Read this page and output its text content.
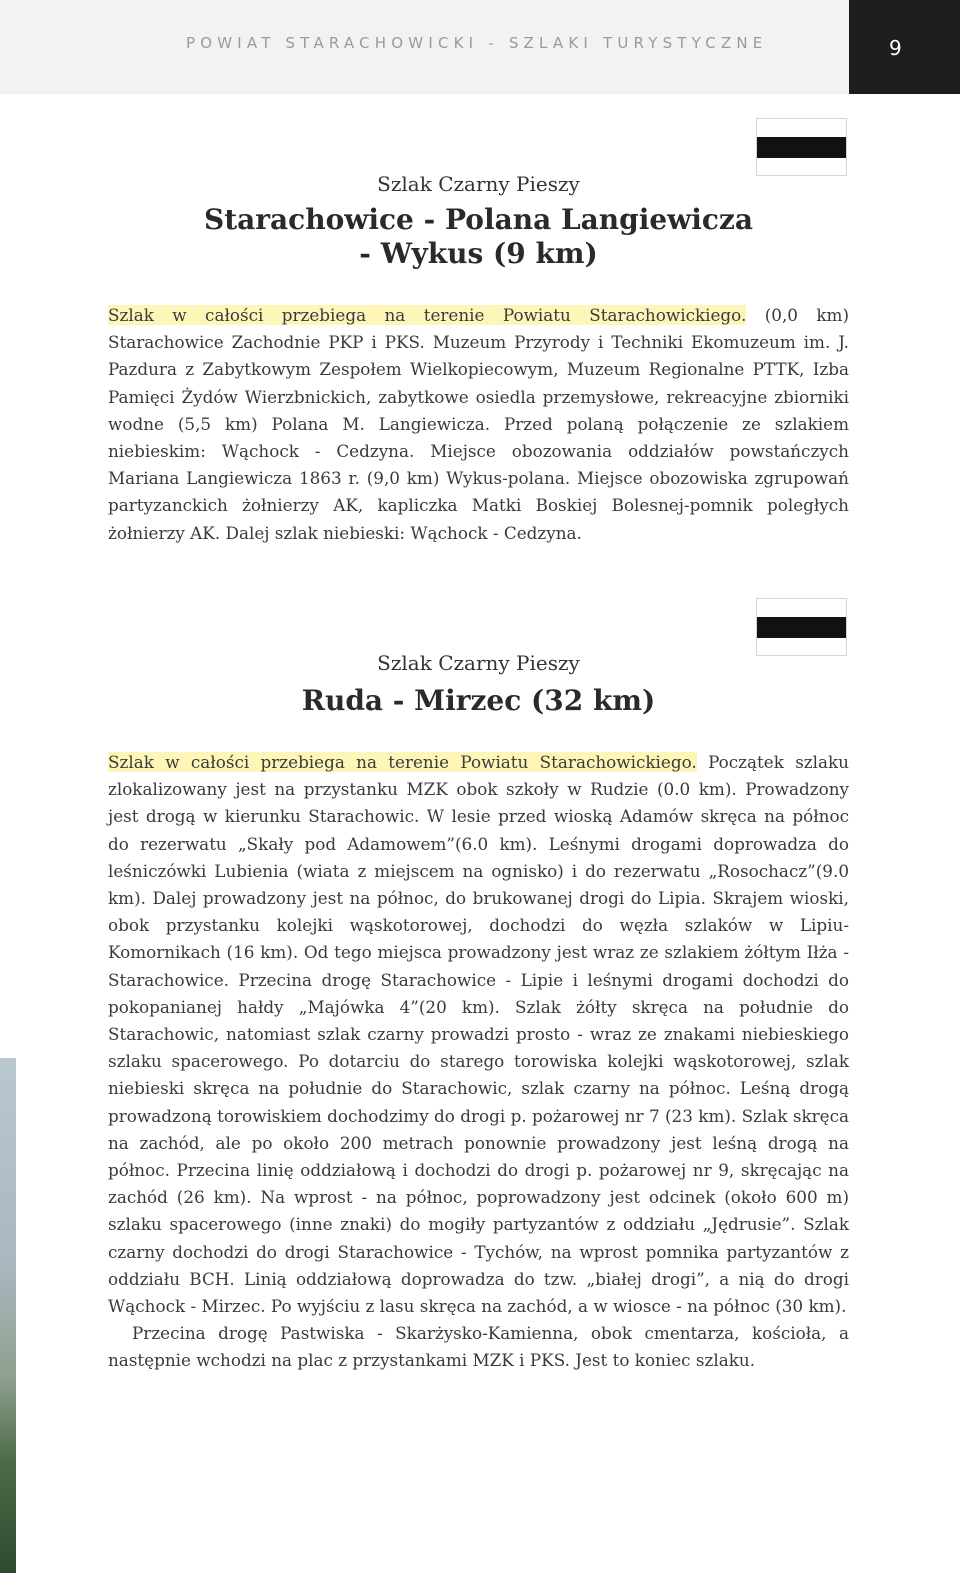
POWIAT STARACHOWICKI - SZLAKI TURYSTYCZNE	9
Szlak Czarny Pieszy
Starachowice - Polana Langiewicza
- Wykus (9 km)
Szlak w całości przebiega na terenie Powiatu Starachowickiego. (0,0 km) Starachowice Zachodnie PKP i PKS. Muzeum Przyrody i Techniki Ekomuzeum im. J. Pazdura z Zabytkowym Zespołem Wielkopiecowym, Muzeum Regionalne PTTK, Izba Pamięci Żydów Wierzbnickich, zabytkowe osiedla przemysłowe, rekreacyjne zbiorniki wodne (5,5 km) Polana M. Langiewicza. Przed polaną połączenie ze szlakiem niebieskim: Wąchock - Cedzyna. Miejsce obozowania oddziałów powstańczych Mariana Langiewicza 1863 r. (9,0 km) Wykus-polana. Miejsce obozowiska zgrupowań partyzanckich żołnierzy AK, kapliczka Matki Boskiej Bolesnej-pomnik poległych żołnierzy AK. Dalej szlak niebieski: Wąchock - Cedzyna.
Szlak Czarny Pieszy
Ruda - Mirzec (32 km)
Szlak w całości przebiega na terenie Powiatu Starachowickiego. Początek szlaku zlokalizowany jest na przystanku MZK obok szkoły w Rudzie (0.0 km). Prowadzony jest drogą w kierunku Starachowic. W lesie przed wioską Adamów skręca na północ do rezerwatu „Skały pod Adamowem”(6.0 km). Leśnymi drogami doprowadza do leśniczówki Lubienia (wiata z miejscem na ognisko) i do rezerwatu „Rosochacz”(9.0 km). Dalej prowadzony jest na północ, do brukowanej drogi do Lipia. Skrajem wioski, obok przystanku kolejki wąskotorowej, dochodzi do węzła szlaków w Lipiu-Komornikach (16 km). Od tego miejsca prowadzony jest wraz ze szlakiem żółtym Iłża - Starachowice. Przecina drogę Starachowice - Lipie i leśnymi drogami dochodzi do pokopanianej hałdy „Majówka 4”(20 km). Szlak żółty skręca na południe do Starachowic, natomiast szlak czarny prowadzi prosto - wraz ze znakami niebieskiego szlaku spacerowego. Po dotarciu do starego torowiska kolejki wąskotorowej, szlak niebieski skręca na południe do Starachowic, szlak czarny na północ. Leśną drogą prowadzoną torowiskiem dochodzimy do drogi p. pożarowej nr 7 (23 km). Szlak skręca na zachód, ale po około 200 metrach ponownie prowadzony jest leśną drogą na północ. Przecina linię oddziałową i dochodzi do drogi p. pożarowej nr 9, skręcając na zachód (26 km). Na wprost - na północ, poprowadzony jest odcinek (około 600 m) szlaku spacerowego (inne znaki) do mogiły partyzantów z oddziału „Jędrusie”. Szlak czarny dochodzi do drogi Starachowice - Tychów, na wprost pomnika partyzantów z oddziału BCH. Linią oddziałową doprowadza do tzw. „białej drogi”, a nią do drogi Wąchock - Mirzec. Po wyjściu z lasu skręca na zachód, a w wiosce - na północ (30 km).
Przecina drogę Pastwiska - Skarżysko-Kamienna, obok cmentarza, kościoła, a następnie wchodzi na plac z przystankami MZK i PKS. Jest to koniec szlaku.
